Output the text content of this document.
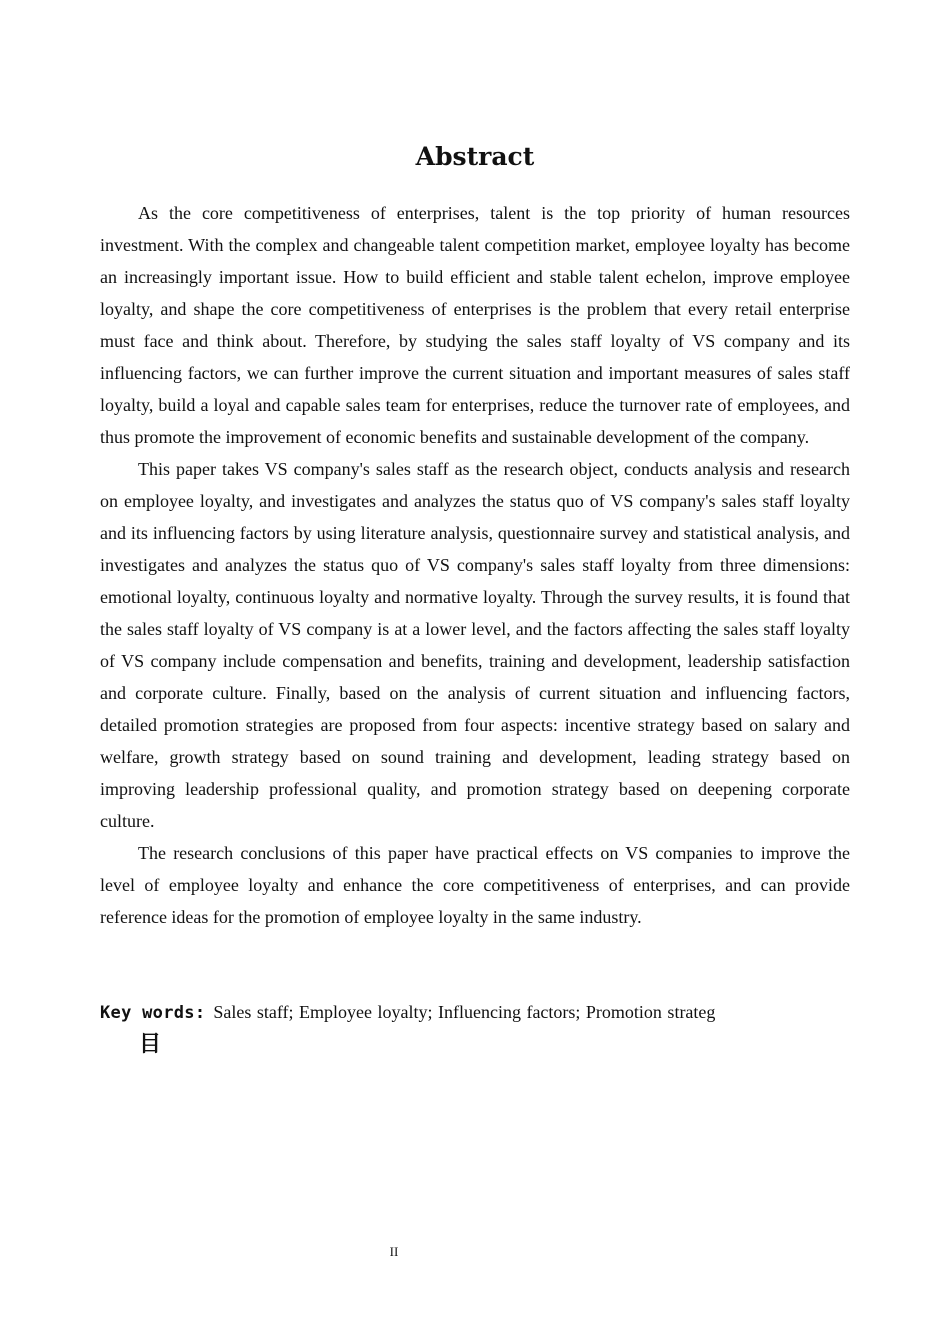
Abstract

As the core competitiveness of enterprises, talent is the top priority of human resources investment. With the complex and changeable talent competition market, employee loyalty has become an increasingly important issue. How to build efficient and stable talent echelon, improve employee loyalty, and shape the core competitiveness of enterprises is the problem that every retail enterprise must face and think about. Therefore, by studying the sales staff loyalty of VS company and its influencing factors, we can further improve the current situation and important measures of sales staff loyalty, build a loyal and capable sales team for enterprises, reduce the turnover rate of employees, and thus promote the improvement of economic benefits and sustainable development of the company.

This paper takes VS company's sales staff as the research object, conducts analysis and research on employee loyalty, and investigates and analyzes the status quo of VS company's sales staff loyalty and its influencing factors by using literature analysis, questionnaire survey and statistical analysis, and investigates and analyzes the status quo of VS company's sales staff loyalty from three dimensions: emotional loyalty, continuous loyalty and normative loyalty. Through the survey results, it is found that the sales staff loyalty of VS company is at a lower level, and the factors affecting the sales staff loyalty of VS company include compensation and benefits, training and development, leadership satisfaction and corporate culture. Finally, based on the analysis of current situation and influencing factors, detailed promotion strategies are proposed from four aspects: incentive strategy based on salary and welfare, growth strategy based on sound training and development, leading strategy based on improving leadership professional quality, and promotion strategy based on deepening corporate culture.

The research conclusions of this paper have practical effects on VS companies to improve the level of employee loyalty and enhance the core competitiveness of enterprises, and can provide reference ideas for the promotion of employee loyalty in the same industry.

Key words: Sales staff; Employee loyalty; Influencing factors; Promotion strateg
目
II
